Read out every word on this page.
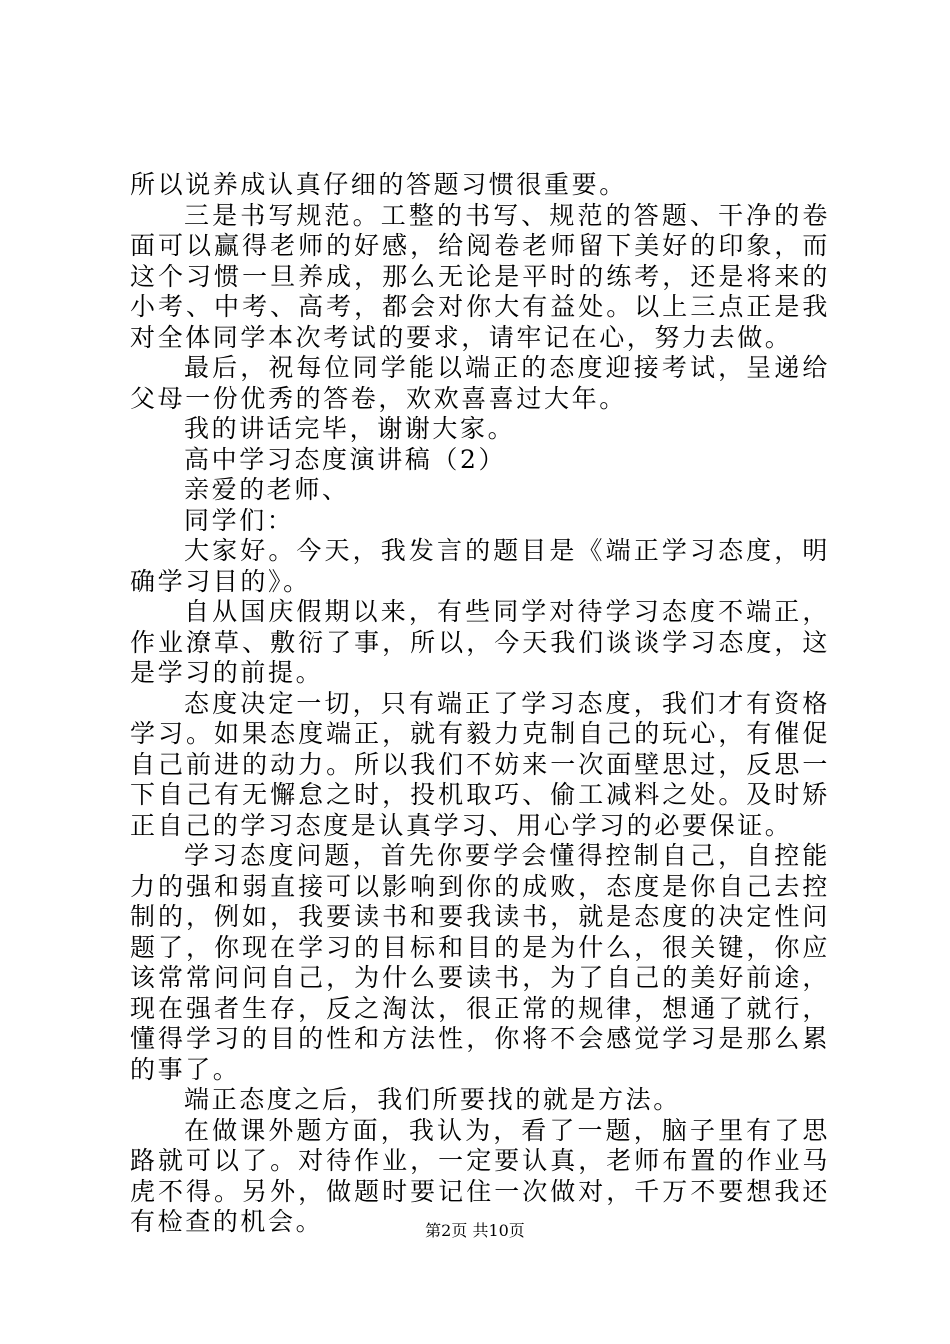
所以说养成认真仔细的答题习惯很重要。

三是书写规范。工整的书写、规范的答题、干净的卷面可以赢得老师的好感，给阅卷老师留下美好的印象，而这个习惯一旦养成，那么无论是平时的练考，还是将来的小考、中考、高考，都会对你大有益处。以上三点正是我对全体同学本次考试的要求，请牢记在心，努力去做。

最后，祝每位同学能以端正的态度迎接考试，呈递给父母一份优秀的答卷，欢欢喜喜过大年。

我的讲话完毕，谢谢大家。

高中学习态度演讲稿（2）

亲爱的老师、

同学们：

大家好。今天，我发言的题目是《端正学习态度，明确学习目的》。

自从国庆假期以来，有些同学对待学习态度不端正，作业潦草、敷衍了事，所以，今天我们谈谈学习态度，这是学习的前提。

态度决定一切，只有端正了学习态度，我们才有资格学习。如果态度端正，就有毅力克制自己的玩心，有催促自己前进的动力。所以我们不妨来一次面壁思过，反思一下自己有无懈怠之时，投机取巧、偷工减料之处。及时矫正自己的学习态度是认真学习、用心学习的必要保证。

学习态度问题，首先你要学会懂得控制自己，自控能力的强和弱直接可以影响到你的成败，态度是你自己去控制的，例如，我要读书和要我读书，就是态度的决定性问题了，你现在学习的目标和目的是为什么，很关键，你应该常常问问自己，为什么要读书，为了自己的美好前途，现在强者生存，反之淘汰，很正常的规律，想通了就行，懂得学习的目的性和方法性，你将不会感觉学习是那么累的事了。

端正态度之后，我们所要找的就是方法。

在做课外题方面，我认为，看了一题，脑子里有了思路就可以了。对待作业，一定要认真，老师布置的作业马虎不得。另外，做题时要记住一次做对，千万不要想我还有检查的机会。	第2页 共10页
